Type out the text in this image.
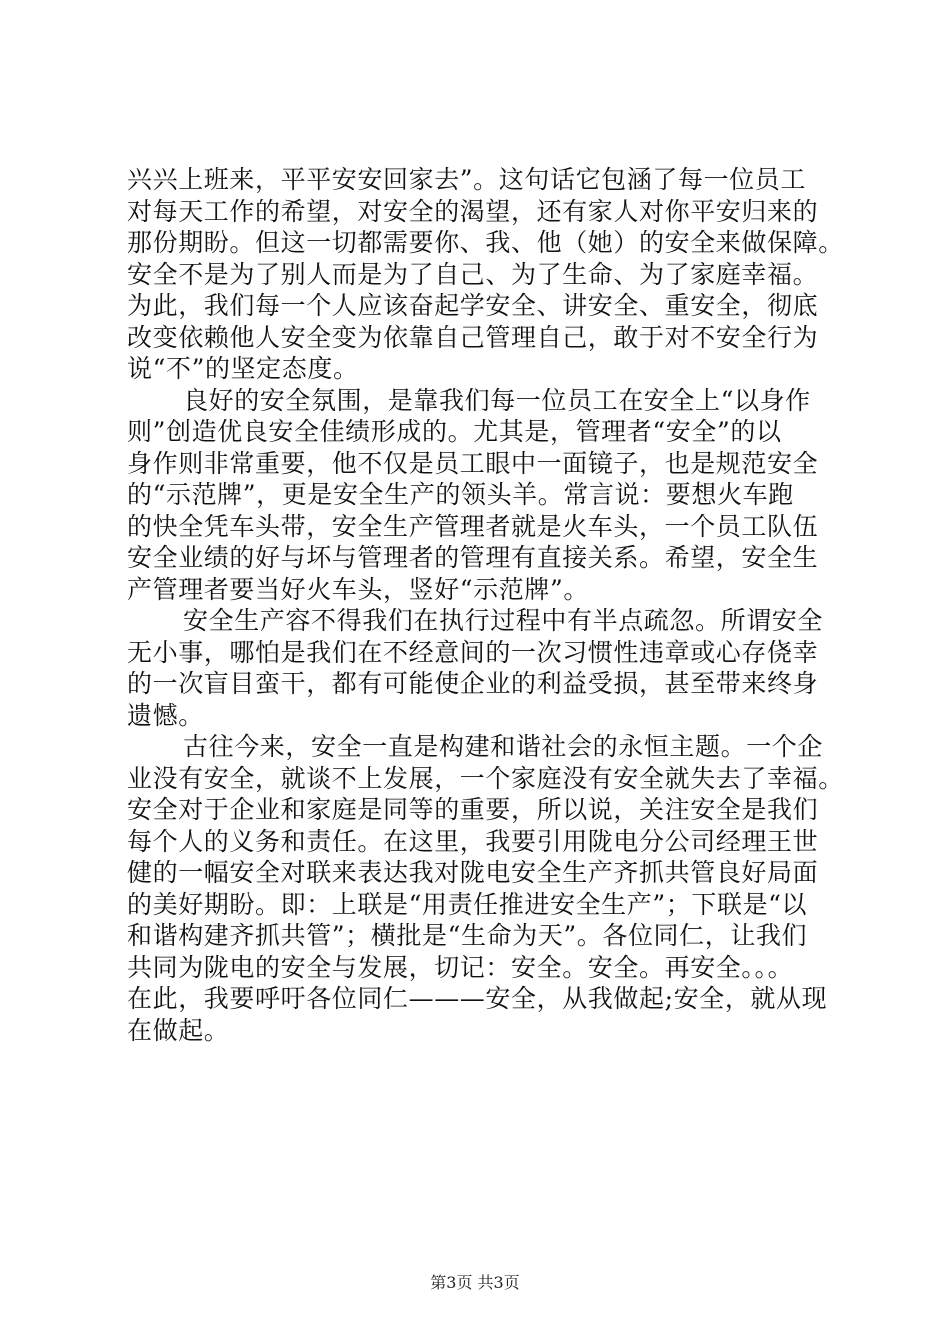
兴兴上班来，平平安安回家去”。这句话它包涵了每一位员工
对每天工作的希望，对安全的渴望，还有家人对你平安归来的
那份期盼。但这一切都需要你、我、他（她）的安全来做保障。
安全不是为了别人而是为了自己、为了生命、为了家庭幸福。
为此，我们每一个人应该奋起学安全、讲安全、重安全，彻底
改变依赖他人安全变为依靠自己管理自己，敢于对不安全行为
说“不”的坚定态度。
良好的安全氛围，是靠我们每一位员工在安全上“以身作
则”创造优良安全佳绩形成的。尤其是，管理者“安全”的以
身作则非常重要，他不仅是员工眼中一面镜子，也是规范安全
的“示范牌”，更是安全生产的领头羊。常言说：要想火车跑
的快全凭车头带，安全生产管理者就是火车头，一个员工队伍
安全业绩的好与坏与管理者的管理有直接关系。希望，安全生
产管理者要当好火车头，竖好“示范牌”。
安全生产容不得我们在执行过程中有半点疏忽。所谓安全
无小事，哪怕是我们在不经意间的一次习惯性违章或心存侥幸
的一次盲目蛮干，都有可能使企业的利益受损，甚至带来终身
遗憾。
古往今来，安全一直是构建和谐社会的永恒主题。一个企
业没有安全，就谈不上发展，一个家庭没有安全就失去了幸福。
安全对于企业和家庭是同等的重要，所以说，关注安全是我们
每个人的义务和责任。在这里，我要引用陇电分公司经理王世
健的一幅安全对联来表达我对陇电安全生产齐抓共管良好局面
的美好期盼。即：上联是“用责任推进安全生产”；下联是“以
和谐构建齐抓共管”；横批是“生命为天”。各位同仁，让我们
共同为陇电的安全与发展，切记：安全。安全。再安全。。。
在此，我要呼吁各位同仁———安全，从我做起;安全，就从现
在做起。
第3页 共3页
